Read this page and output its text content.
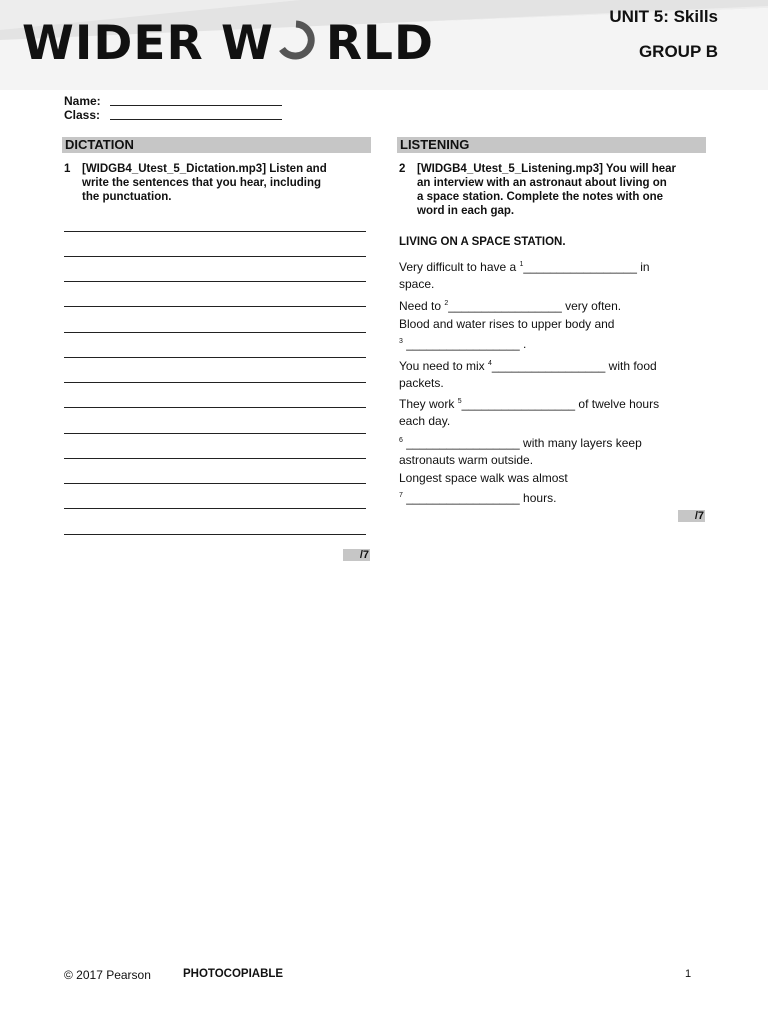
WIDER W RLD	UNIT 5: Skills
GROUP B
Name:
Class:
DICTATION
1 [WIDGB4_Utest_5_Dictation.mp3] Listen and
write the sentences that you hear, including
the punctuation.
/7
LISTENING
2 [WIDGB4_Utest_5_Listening.mp3] You will hear
an interview with an astronaut about living on
a space station. Complete the notes with one
word in each gap.
LIVING ON A SPACE STATION.
Very difficult to have a $^1$_________________ in
space.
Need to $^2$_________________ very often.
Blood and water rises to upper body and
$^3$ _________________ .
You need to mix $^4$_________________ with food
packets.
They work $^5$_________________ of twelve hours
each day.
$^6$ _________________ with many layers keep
astronauts warm outside.
Longest space walk was almost
$^7$ _________________ hours.
/7
© 2017 Pearson	PHOTOCOPIABLE	1
